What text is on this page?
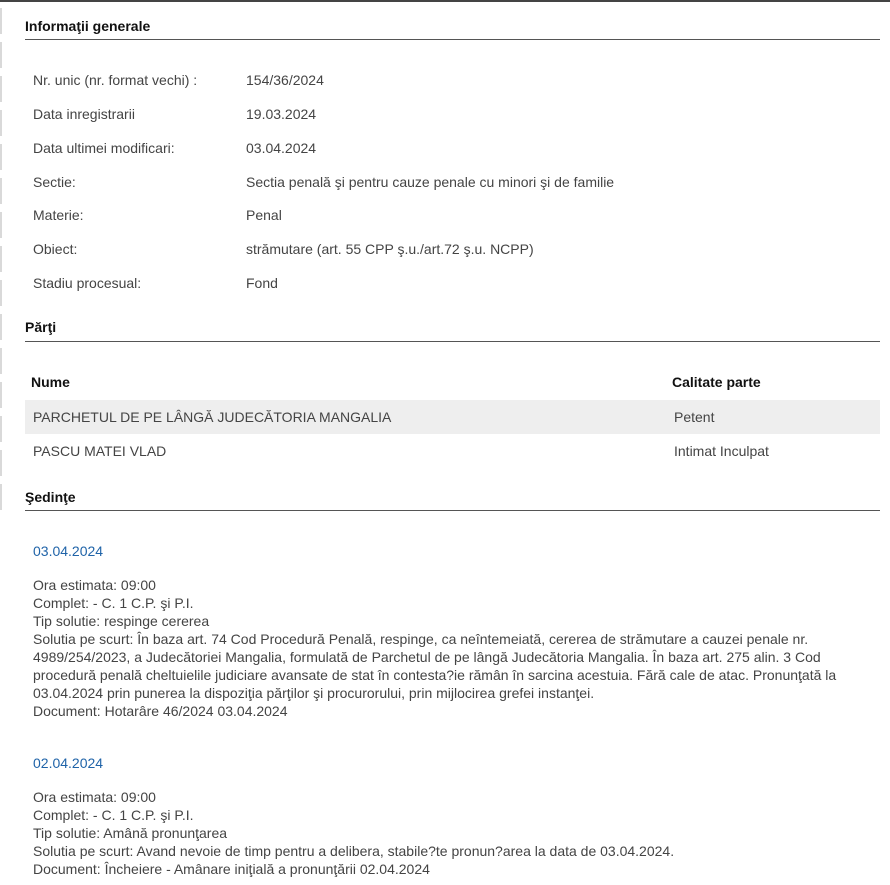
Informaţii generale
Nr. unic (nr. format vechi) :	154/36/2024
Data inregistrarii	19.03.2024
Data ultimei modificari:	03.04.2024
Sectie:	Sectia penală şi pentru cauze penale cu minori şi de familie
Materie:	Penal
Obiect:	strămutare (art. 55 CPP ş.u./art.72 ş.u. NCPP)
Stadiu procesual:	Fond
Părţi
Nume	Calitate parte
PARCHETUL DE PE LÂNGĂ JUDECĂTORIA MANGALIA	Petent
PASCU MATEI VLAD	Intimat Inculpat
Şedinţe
03.04.2024
Ora estimata: 09:00
Complet: - C. 1 C.P. şi P.I.
Tip solutie: respinge cererea
Solutia pe scurt: În baza art. 74 Cod Procedură Penală, respinge, ca neîntemeiată, cererea de strămutare a cauzei penale nr. 4989/254/2023, a Judecătoriei Mangalia, formulată de Parchetul de pe lângă Judecătoria Mangalia. În baza art. 275 alin. 3 Cod procedură penală cheltuielile judiciare avansate de stat în contesta?ie rămân în sarcina acestuia. Fără cale de atac. Pronunţată la 03.04.2024 prin punerea la dispoziţia părţilor şi procurorului, prin mijlocirea grefei instanţei.
Document: Hotarâre 46/2024 03.04.2024
02.04.2024
Ora estimata: 09:00
Complet: - C. 1 C.P. şi P.I.
Tip solutie: Amână pronunţarea
Solutia pe scurt: Avand nevoie de timp pentru a delibera, stabile?te pronun?area la data de 03.04.2024.
Document: Încheiere - Amânare iniţială a pronunţării 02.04.2024
